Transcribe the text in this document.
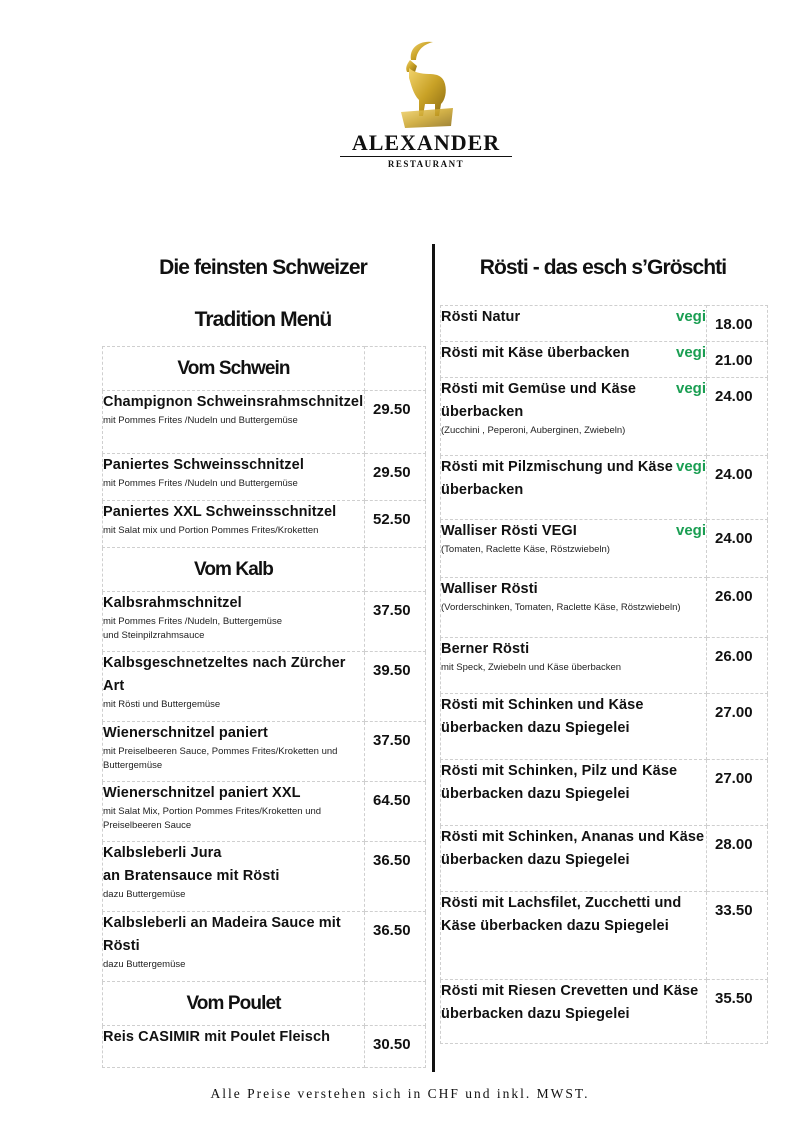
ALEXANDER
RESTAURANT
Die feinsten Schweizer
Tradition Menü
Rösti - das esch s’Gröschti
Vom Schwein	

Champignon Schweinsrahmschnitzel
mit Pommes Frites /Nudeln und Buttergemüse	29.50

Paniertes Schweinsschnitzel
mit Pommes Frites /Nudeln und Buttergemüse	29.50

Paniertes XXL Schweinsschnitzel
mit Salat mix und Portion Pommes Frites/Kroketten	52.50

Vom Kalb	

Kalbsrahmschnitzel
mit Pommes Frites /Nudeln, Buttergemüse
und Steinpilzrahmsauce	37.50

Kalbsgeschnetzeltes nach Zürcher Art
mit Rösti und Buttergemüse	39.50

Wienerschnitzel paniert
mit Preiselbeeren Sauce, Pommes Frites/Kroketten und Buttergemüse	37.50

Wienerschnitzel paniert XXL
mit Salat Mix, Portion Pommes Frites/Kroketten und Preiselbeeren Sauce	64.50

Kalbsleberli Jura
an Bratensauce mit Rösti
dazu Buttergemüse	36.50

Kalbsleberli an Madeira Sauce mit Rösti
dazu Buttergemüse	36.50

Vom Poulet	

Reis CASIMIR mit Poulet Fleisch	30.50
vegi
Rösti Natur	18.00

vegi
Rösti mit Käse überbacken	21.00

vegi
Rösti mit Gemüse und Käse überbacken
(Zucchini , Peperoni, Auberginen, Zwiebeln)	24.00

vegi
Rösti mit Pilzmischung und Käse überbacken	24.00

vegi
Walliser Rösti VEGI
(Tomaten, Raclette Käse, Röstzwiebeln)	24.00

Walliser Rösti
(Vorderschinken, Tomaten, Raclette Käse, Röstzwiebeln)	26.00

Berner Rösti
mit Speck, Zwiebeln und Käse überbacken	26.00

Rösti mit Schinken und Käse überbacken dazu Spiegelei	27.00

Rösti mit Schinken, Pilz und Käse überbacken dazu Spiegelei	27.00

Rösti mit Schinken, Ananas und Käse überbacken dazu Spiegelei	28.00

Rösti mit Lachsfilet, Zucchetti und Käse überbacken dazu Spiegelei	33.50

Rösti mit Riesen Crevetten und Käse überbacken dazu Spiegelei	35.50
Alle Preise verstehen sich in CHF und inkl. MWST.
